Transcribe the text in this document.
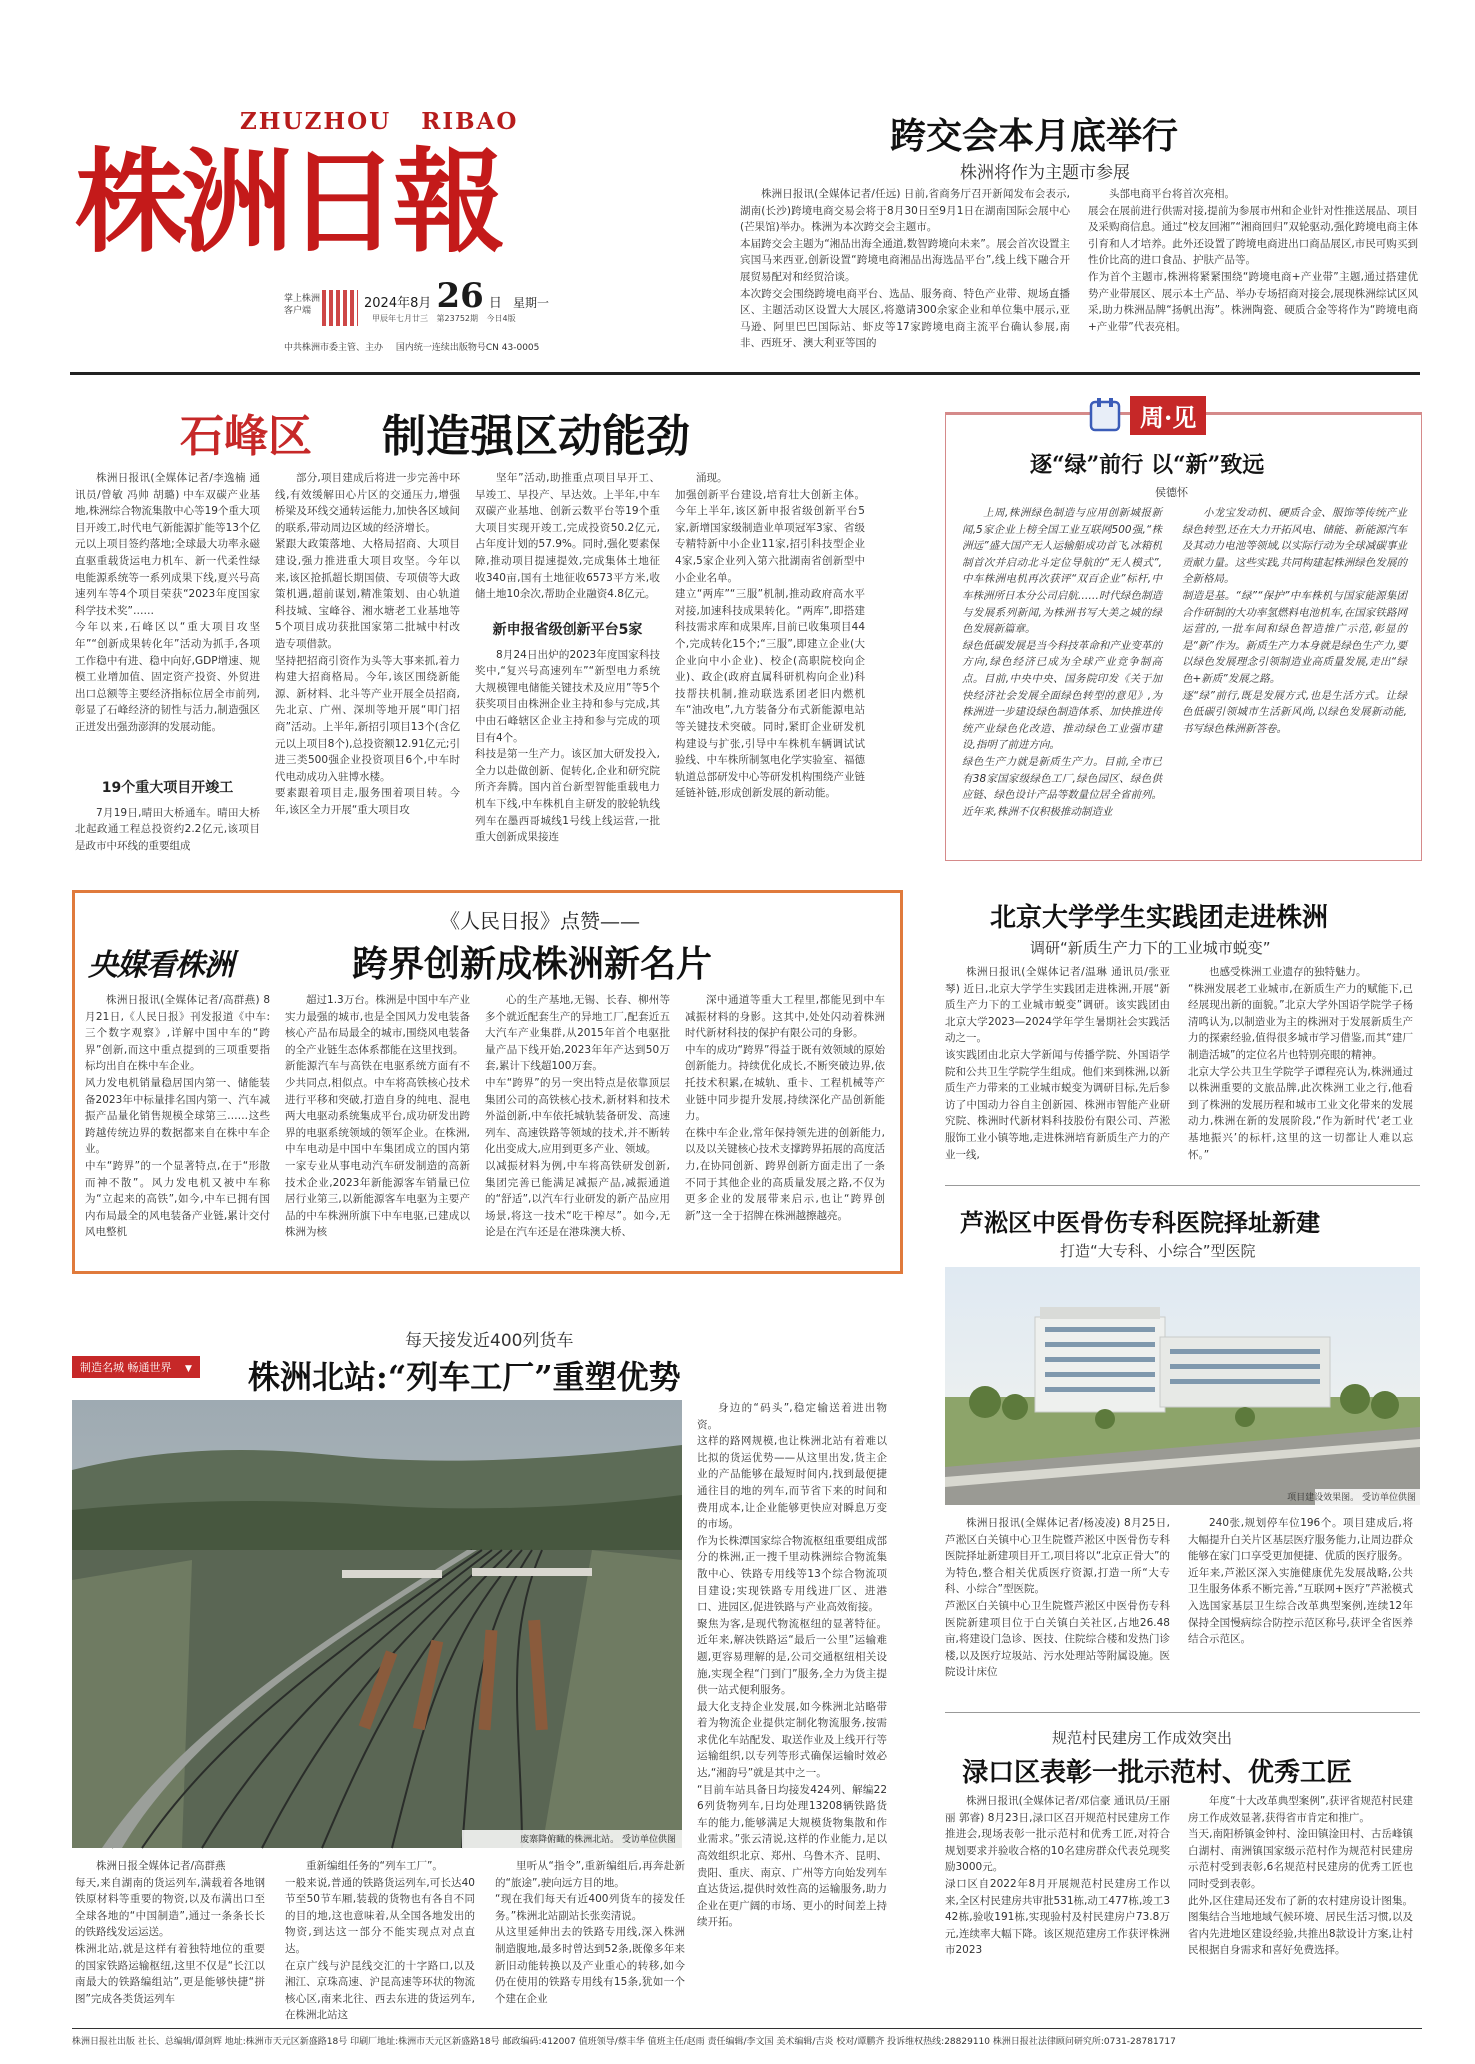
ZHUZHOU   RIBAO
株洲日報
掌上株洲
客户端	2024年8月 26 日 星期一
甲辰年七月廿三 第23752期 今日4版
中共株洲市委主管、主办 国内统一连续出版物号CN 43-0005
跨交会本月底举行
株洲将作为主题市参展

株洲日报讯(全媒体记者/任远) 日前,省商务厅召开新闻发布会表示,湖南(长沙)跨境电商交易会将于8月30日至9月1日在湖南国际会展中心(芒果馆)举办。株洲为本次跨交会主题市。
本届跨交会主题为“湘品出海全通道,数智跨境向未来”。展会首次设置主宾国马来西亚,创新设置“跨境电商湘品出海选品平台”,线上线下融合开展贸易配对和经贸洽谈。
本次跨交会围绕跨境电商平台、选品、服务商、特色产业带、规场直播区、主题活动区设置大大展区,将邀请300余家企业和单位集中展示,亚马逊、阿里巴巴国际站、虾皮等17家跨境电商主流平台确认参展,南非、西班牙、澳大利亚等国的

头部电商平台将首次亮相。
展会在展前进行供需对接,提前为参展市州和企业针对性推送展品、项目及采购商信息。通过“校友回湘”“湘商回归”双轮驱动,强化跨境电商主体引育和人才培养。此外还设置了跨境电商进出口商品展区,市民可购买到性价比高的进口食品、护肤产品等。
作为首个主题市,株洲将紧紧围绕“跨境电商+产业带”主题,通过搭建优势产业带展区、展示本土产品、举办专场招商对接会,展现株洲综试区风采,助力株洲品牌“扬帆出海”。株洲陶瓷、硬质合金等将作为“跨境电商+产业带”代表亮相。

石峰区 制造强区动能劲

株洲日报讯(全媒体记者/李逸楠 通讯员/曾敏 冯帅 胡璐) 中车双碳产业基地,株洲综合物流集散中心等19个重大项目开竣工,时代电气新能源扩能等13个亿元以上项目签约落地;全球最大功率永磁直驱重载货运电力机车、新一代柔性绿电能源系统等一系列成果下线,夏兴号高速列车等4个项目荣获“2023年度国家科学技术奖”……
今年以来,石峰区以“重大项目攻坚年”“创新成果转化年”活动为抓手,各项工作稳中有进、稳中向好,GDP增速、规模工业增加值、固定资产投资、外贸进出口总额等主要经济指标位居全市前列,彰显了石峰经济的韧性与活力,制造强区正迸发出强劲澎湃的发展动能。

19个重大项目开竣工

7月19日,晴田大桥通车。晴田大桥北起政通工程总投资约2.2亿元,该项目是政市中环线的重要组成

部分,项目建成后将进一步完善中环线,有效缓解田心片区的交通压力,增强桥梁及环线交通转运能力,加快各区域间的联系,带动周边区域的经济增长。
紧跟大政策落地、大格局招商、大项目建设,强力推进重大项目攻坚。今年以来,该区抢抓超长期国债、专项债等大政策机遇,超前谋划,精准策划、由心轨道科技城、宝峰谷、湘水塘老工业基地等5个项目成功获批国家第二批城中村改造专项借款。
坚持把招商引资作为头等大事来抓,着力构建大招商格局。今年,该区围绕新能源、新材料、北斗等产业开展全员招商,先北京、广州、深圳等地开展“叩门招商”活动。上半年,新招引项目13个(含亿元以上项目8个),总投资额12.91亿元;引进三类500强企业投资项目6个,中车时代电动成功入驻博水楼。
要素跟着项目走,服务围着项目转。今年,该区全力开展“重大项目攻

坚年”活动,助推重点项目早开工、早竣工、早投产、早达效。上半年,中车双碳产业基地、创新云数平台等19个重大项目实现开竣工,完成投资50.2亿元,占年度计划的57.9%。同时,强化要素保障,推动项目提速提效,完成集体土地征收340亩,国有土地征收6573平方米,收储土地10余次,帮助企业融资4.8亿元。

新申报省级创新平台5家

8月24日出炉的2023年度国家科技奖中,“复兴号高速列车”“新型电力系统大规模锂电储能关键技术及应用”等5个获奖项目由株洲企业主持和参与完成,其中由石峰辖区企业主持和参与完成的项目有4个。
科技是第一生产力。该区加大研发投入,全力以赴做创新、促转化,企业和研究院所齐奔腾。国内首台新型智能重载电力机车下线,中车株机自主研发的胶轮轨线列车在墨西哥城线1号线上线运营,一批重大创新成果接连

涌现。
加强创新平台建设,培育壮大创新主体。今年上半年,该区新申报省级创新平台5家,新增国家级制造业单项冠军3家、省级专精特新中小企业11家,招引科技型企业4家,5家企业列入第六批湖南省创新型中小企业名单。
建立“两库”“三服”机制,推动政府高水平对接,加速科技成果转化。“两库”,即搭建科技需求库和成果库,目前已收集项目44个,完成转化15个;“三服”,即建立企业(大企业向中小企业)、校企(高职院校向企业)、政企(政府直属科研机构向企业)科技帮扶机制,推动联选系团老旧内燃机车“油改电”,九方装备分布式新能源电站等关键技术突破。同时,紧盯企业研发机构建设与扩张,引导中车株机车辆调试试验线、中车株所制氢电化学实验室、福德轨道总部研发中心等研发机构围绕产业链延链补链,形成创新发展的新动能。

周·见
逐“绿”前行 以“新”致远
侯德怀

上周,株洲绿色制造与应用创新城报新闻,5家企业上榜全国工业互联网500强,“株洲远”盛大国产无人运输船成功首飞,冰箱机制首次并启动北斗定位导航的“无人模式”,中车株洲电机再次获评“双百企业”标杆,中车株洲所日本分公司启航……时代绿色制造与发展系列新闻,为株洲书写大美之城的绿色发展新篇章。
绿色低碳发展是当今科技革命和产业变革的方向,绿色经济已成为全球产业竞争制高点。目前,中央中央、国务院印发《关于加快经济社会发展全面绿色转型的意见》,为株洲进一步建设绿色制造体系、加快推进传统产业绿色化改造、推动绿色工业强市建设,指明了前进方向。
绿色生产力就是新质生产力。目前,全市已有38家国家级绿色工厂,绿色园区、绿色供应链、绿色设计产品等数量位居全省前列。近年来,株洲不仅积极推动制造业

小龙宝发动机、硬质合金、服饰等传统产业绿色转型,还在大力开拓风电、储能、新能源汽车及其动力电池等领域,以实际行动为全球减碳事业贡献力量。这些实践,共同构建起株洲绿色发展的全新格局。
制造是基。“绿”“保护”中车株机与国家能源集团合作研制的大功率氢燃料电池机车,在国家铁路网运营的,一批车间和绿色智造推广示范,彰显的是“新”作为。新质生产力本身就是绿色生产力,要以绿色发展理念引领制造业高质量发展,走出“绿色+新质”发展之路。
逐“绿”前行,既是发展方式,也是生活方式。让绿色低碳引领城市生活新风尚,以绿色发展新动能,书写绿色株洲新答卷。

《人民日报》点赞——
央媒看株洲	跨界创新成株洲新名片

株洲日报讯(全媒体记者/高群燕) 8月21日,《人民日报》刊发报道《中车:三个数字观察》,详解中国中车的“跨界”创新,而这中重点提到的三项重要指标均出自在株中车企业。
风力发电机销量稳居国内第一、储能装备2023年中标量排名国内第一、汽车减振产品量化销售规模全球第三……这些跨越传统边界的数据都来自在株中车企业。
中车“跨界”的一个显著特点,在于“形散而神不散”。风力发电机又被中车称为“立起来的高铁”,如今,中车已拥有国内布局最全的风电装备产业链,累计交付风电整机

超过1.3万台。株洲是中国中车产业实力最强的城市,也是全国风力发电装备核心产品布局最全的城市,围绕风电装备的全产业链生态体系都能在这里找到。
新能源汽车与高铁在电驱系统方面有不少共同点,相似点。中车将高铁核心技术进行平移和突破,打造自身的纯电、混电两大电驱动系统集成平台,成功研发出跨界的电驱系统领域的领军企业。在株洲,中车电动是中国中车集团成立的国内第一家专业从事电动汽车研发制造的高新技术企业,2023年新能源客车销量已位居行业第三,以新能源客车电驱为主要产品的中车株洲所旗下中车电驱,已建成以株洲为核

心的生产基地,无锡、长春、柳州等多个就近配套生产的异地工厂,配套近五大汽车产业集群,从2015年首个电驱批量产品下线开始,2023年年产达到50万套,累计下线超100万套。
中车“跨界”的另一突出特点是依靠顶层集团公司的高铁核心技术,新材料和技术外溢创新,中车依托城轨装备研发、高速列车、高速铁路等领域的技术,并不断转化出变成大,应用到更多产业、领域。
以减振材料为例,中车将高铁研发创新,集团完善已能满足减振产品,减振通道的“舒适”,以汽车行业研发的新产品应用场景,将这一技术“吃干榨尽”。如今,无论是在汽车还是在港珠澳大桥、

深中通道等重大工程里,都能见到中车减振材料的身影。这其中,处处闪动着株洲时代新材科技的保护有限公司的身影。
中车的成功“跨界”得益于既有效领域的原始创新能力。持续优化成长,不断突破边界,依托技术积累,在城轨、重卡、工程机械等产业链中同步提升发展,持续深化产品创新能力。
在株中车企业,常年保持领先进的创新能力,以及以关键核心技术支撑跨界拓展的高度活力,在协同创新、跨界创新方面走出了一条不同于其他企业的高质量发展之路,不仅为更多企业的发展带来启示,也让“跨界创新”这一全于招牌在株洲越擦越亮。

北京大学学生实践团走进株洲
调研“新质生产力下的工业城市蜕变”

株洲日报讯(全媒体记者/温琳 通讯员/张亚琴) 近日,北京大学学生实践团走进株洲,开展“新质生产力下的工业城市蜕变”调研。该实践团由北京大学2023—2024学年学生暑期社会实践活动之一。
该实践团由北京大学新闻与传播学院、外国语学院和公共卫生学院学生组成。他们来到株洲,以新质生产力带来的工业城市蜕变为调研目标,先后参访了中国动力谷自主创新园、株洲市智能产业研究院、株洲时代新材料科技股份有限公司、芦淞服饰工业小镇等地,走进株洲培育新质生产力的产业一线,

也感受株洲工业遗存的独特魅力。
“株洲发展老工业城市,在新质生产力的赋能下,已经展现出新的面貌。”北京大学外国语学院学子杨清鸣认为,以制造业为主的株洲对于发展新质生产力的探索经验,值得很多城市学习借鉴,而其“建厂制造活城”的定位名片也特别亮眼的精神。
北京大学公共卫生学院学子谭程亮认为,株洲通过以株洲重要的文旅品牌,此次株洲工业之行,他看到了株洲的发展历程和城市工业文化带来的发展动力,株洲在新的发展阶段,“作为新时代‘老工业基地振兴’的标杆,这里的这一切都让人难以忘怀。”

芦淞区中医骨伤专科医院择址新建
打造“大专科、小综合”型医院
项目建设效果图。 受访单位供图

株洲日报讯(全媒体记者/杨凌凌) 8月25日,芦淞区白关镇中心卫生院暨芦淞区中医骨伤专科医院择址新建项目开工,项目将以“北京正骨大”的为特色,整合相关优质医疗资源,打造一所“大专科、小综合”型医院。
芦淞区白关镇中心卫生院暨芦淞区中医骨伤专科医院新建项目位于白关镇白关社区,占地26.48亩,将建设门急诊、医技、住院综合楼和发热门诊楼,以及医疗垃圾站、污水处理站等附属设施。医院设计床位

240张,规划停车位196个。项目建成后,将大幅提升白关片区基层医疗服务能力,让周边群众能够在家门口享受更加便捷、优质的医疗服务。
近年来,芦淞区深入实施健康优先发展战略,公共卫生服务体系不断完善,“互联网+医疗”芦淞模式入选国家基层卫生综合改革典型案例,连续12年保持全国慢病综合防控示范区称号,获评全省医养结合示范区。

每天接发近400列货车
制造名城 畅通世界 ▼ 株洲北站:“列车工厂”重塑优势
废寨降俯瞰的株洲北站。 受访单位供图

身边的“码头”,稳定输送着进出物资。
这样的路网规模,也让株洲北站有着难以比拟的货运优势——从这里出发,货主企业的产品能够在最短时间内,找到最便捷通往目的地的列车,而节省下来的时间和费用成本,让企业能够更快应对瞬息万变的市场。
作为长株潭国家综合物流枢纽重要组成部分的株洲,正一搜千里动株洲综合物流集散中心、铁路专用线等13个综合物流项目建设;实现铁路专用线进厂区、进港口、进园区,促进铁路与产业高效衔接。
聚焦为客,是现代物流枢纽的显著特征。近年来,解决铁路运“最后一公里”运输难题,更容易理解的是,公司交通枢纽相关设施,实现全程“门到门”服务,全力为货主提供一站式便利服务。
最大化支持企业发展,如今株洲北站略带着为物流企业提供定制化物流服务,按需求优化车站配发、取送作业及上线开行等运输组织,以专列等形式确保运输时效必达,“湘韵号”就是其中之一。
“目前车站具备日均接发424列、解编226列货物列车,日均处理13208辆铁路货车的能力,能够满足大规模货物集散和作业需求。”张云清说,这样的作业能力,足以高效组织北京、郑州、乌鲁木齐、昆明、贵阳、重庆、南京、广州等方向始发列车直达货运,提供时效性高的运输服务,助力企业在更广阔的市场、更小的时间差上持续开拓。

株洲日报全媒体记者/高群燕
每天,来自湖南的货运列车,满载着各地钢铁原材料等重要的物资,以及布满出口至全球各地的“中国制造”,通过一条条长长的铁路线发运运送。
株洲北站,就是这样有着独特地位的重要的国家铁路运输枢纽,这里不仅是“长江以南最大的铁路编组站”,更是能够快捷“拼图”完成各类货运列车

重新编组任务的“列车工厂”。
一般来说,普通的铁路货运列车,可长达40节至50节车厢,装载的货物也有各自不同的目的地,这也意味着,从全国各地发出的物资,到达这一部分不能实现点对点直达。
在京广线与沪昆线交汇的十字路口,以及湘江、京珠高速、沪昆高速等环状的物流核心区,南来北往、西去东进的货运列车,在株洲北站这

里听从“指令”,重新编组后,再奔赴新的“旅途”,驶向远方目的地。
“现在我们每天有近400列货车的接发任务。”株洲北站副站长张奕清说。
从这里延伸出去的铁路专用线,深入株洲制造腹地,最多时曾达到52条,既像多年来新旧动能转换以及产业重心的转移,如今仍在使用的铁路专用线有15条,犹如一个个建在企业

规范村民建房工作成效突出
渌口区表彰一批示范村、优秀工匠

株洲日报讯(全媒体记者/邓信豪 通讯员/王丽丽 郭睿) 8月23日,渌口区召开规范村民建房工作推进会,现场表彰一批示范村和优秀工匠,对符合规划要求并验收合格的10名建房群众代表兑现奖励3000元。
渌口区自2022年8月开展规范村民建房工作以来,全区村民建房共审批531栋,动工477栋,竣工342栋,验收191栋,实现验村及村民建房户73.8万元,连续率大幅下降。该区规范建房工作获评株洲市2023

年度“十大改革典型案例”,获评省规范村民建房工作成效显著,获得省市肯定和推广。
当天,南阳桥镇金钟村、淦田镇淦田村、古岳峰镇白湖村、南洲镇国家级示范村作为规范村民建房示范村受到表彰,6名规范村民建房的优秀工匠也同时受到表彰。
此外,区住建局还发布了新的农村建房设计图集。图集结合当地地域气候环境、居民生活习惯,以及省内先进地区建设经验,共推出8款设计方案,让村民根据自身需求和喜好免费选择。

株洲日报社出版 社长、总编辑/谭剑辉 地址:株洲市天元区新盛路18号 印刷厂地址:株洲市天元区新盛路18号 邮政编码:412007 值班领导/蔡丰华 值班主任/赵雨 责任编辑/李文国 美术编辑/吉炎 校对/谭鹏齐 投诉维权热线:28829110 株洲日报社法律顾问研究所:0731-28781717
